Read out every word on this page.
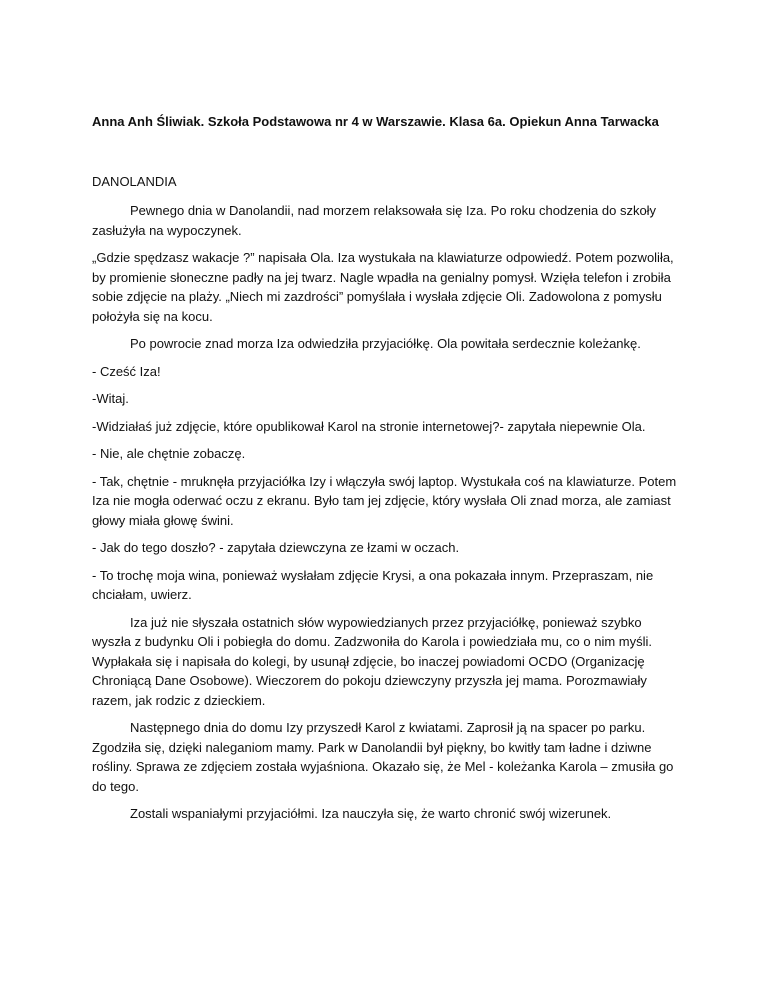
Anna Anh Śliwiak. Szkoła Podstawowa nr 4 w Warszawie. Klasa 6a. Opiekun Anna Tarwacka
DANOLANDIA

Pewnego dnia w Danolandii, nad morzem relaksowała się Iza. Po roku chodzenia do szkoły zasłużyła na wypoczynek.

„Gdzie spędzasz wakacje ?” napisała Ola. Iza wystukała na klawiaturze odpowiedź. Potem pozwoliła, by promienie słoneczne padły na jej twarz. Nagle wpadła na genialny pomysł. Wzięła telefon i zrobiła sobie zdjęcie na plaży. „Niech mi zazdrości” pomyślała i wysłała zdjęcie Oli. Zadowolona z pomysłu położyła się na kocu.

Po powrocie znad morza Iza odwiedziła przyjaciółkę. Ola powitała serdecznie koleżankę.

- Cześć Iza!

-Witaj.

-Widziałaś już zdjęcie, które opublikował Karol na stronie internetowej?- zapytała niepewnie Ola.

- Nie, ale chętnie zobaczę.

- Tak, chętnie - mruknęła przyjaciółka Izy i włączyła swój laptop. Wystukała coś na klawiaturze. Potem Iza nie mogła oderwać oczu z ekranu. Było tam jej zdjęcie, który wysłała Oli znad morza, ale zamiast głowy miała głowę świni.

- Jak do tego doszło? - zapytała dziewczyna ze łzami w oczach.

- To trochę moja wina, ponieważ wysłałam zdjęcie Krysi, a ona pokazała innym. Przepraszam, nie chciałam, uwierz.

Iza już nie słyszała ostatnich słów wypowiedzianych przez przyjaciółkę, ponieważ szybko wyszła z budynku Oli i pobiegła do domu. Zadzwoniła do Karola i powiedziała mu, co o nim myśli. Wypłakała się i napisała do kolegi, by usunął zdjęcie, bo inaczej powiadomi OCDO (Organizację Chroniącą Dane Osobowe). Wieczorem do pokoju dziewczyny przyszła jej mama. Porozmawiały razem, jak rodzic z dzieckiem.

Następnego dnia do domu Izy przyszedł Karol z kwiatami. Zaprosił ją na spacer po parku. Zgodziła się, dzięki naleganiom mamy. Park w Danolandii był piękny, bo kwitły tam ładne i dziwne rośliny. Sprawa ze zdjęciem została wyjaśniona. Okazało się, że Mel - koleżanka Karola – zmusiła go do tego.

Zostali wspaniałymi przyjaciółmi. Iza nauczyła się, że warto chronić swój wizerunek.
